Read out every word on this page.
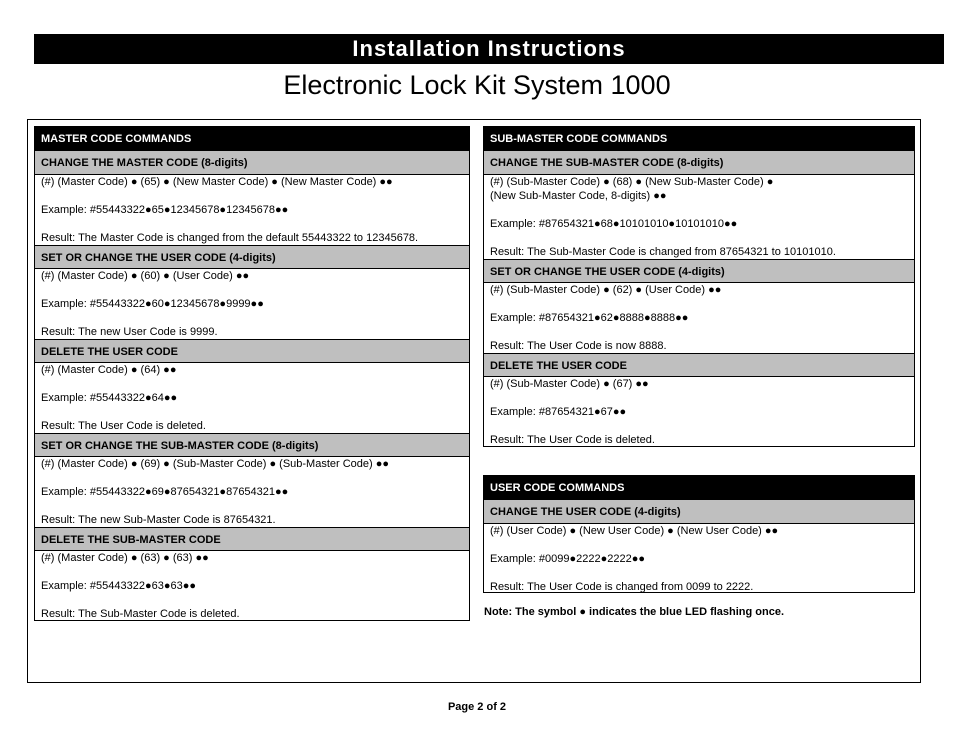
Installation Instructions
Electronic Lock Kit System 1000
MASTER CODE COMMANDS
CHANGE THE MASTER CODE (8-digits)

(#) (Master Code) ● (65) ● (New Master Code) ● (New Master Code) ●●

Example: #55443322●65●12345678●12345678●●

Result: The Master Code is changed from the default 55443322 to 12345678.

SET OR CHANGE THE USER CODE (4-digits)

(#) (Master Code) ● (60) ● (User Code) ●●

Example: #55443322●60●12345678●9999●●

Result: The new User Code is 9999.

DELETE THE USER CODE

(#) (Master Code) ● (64) ●●

Example: #55443322●64●●

Result: The User Code is deleted.

SET OR CHANGE THE SUB-MASTER CODE (8-digits)

(#) (Master Code) ● (69) ● (Sub-Master Code) ● (Sub-Master Code) ●●

Example: #55443322●69●87654321●87654321●●

Result: The new Sub-Master Code is 87654321.

DELETE THE SUB-MASTER CODE

(#) (Master Code) ● (63) ● (63) ●●

Example: #55443322●63●63●●

Result: The Sub-Master Code is deleted.

SUB-MASTER CODE COMMANDS
CHANGE THE SUB-MASTER CODE (8-digits)

(#) (Sub-Master Code) ● (68) ● (New Sub-Master Code) ●

(New Sub-Master Code, 8-digits) ●●

Example: #87654321●68●10101010●10101010●●

Result: The Sub-Master Code is changed from 87654321 to 10101010.

SET OR CHANGE THE USER CODE (4-digits)

(#) (Sub-Master Code) ● (62) ● (User Code) ●●

Example: #87654321●62●8888●8888●●

Result: The User Code is now 8888.

DELETE THE USER CODE

(#) (Sub-Master Code) ● (67) ●●

Example: #87654321●67●●

Result: The User Code is deleted.

USER CODE COMMANDS
CHANGE THE USER CODE (4-digits)

(#) (User Code) ● (New User Code) ● (New User Code) ●●

Example: #0099●2222●2222●●

Result: The User Code is changed from 0099 to 2222.

Note: The symbol ● indicates the blue LED flashing once.
Page 2 of 2
